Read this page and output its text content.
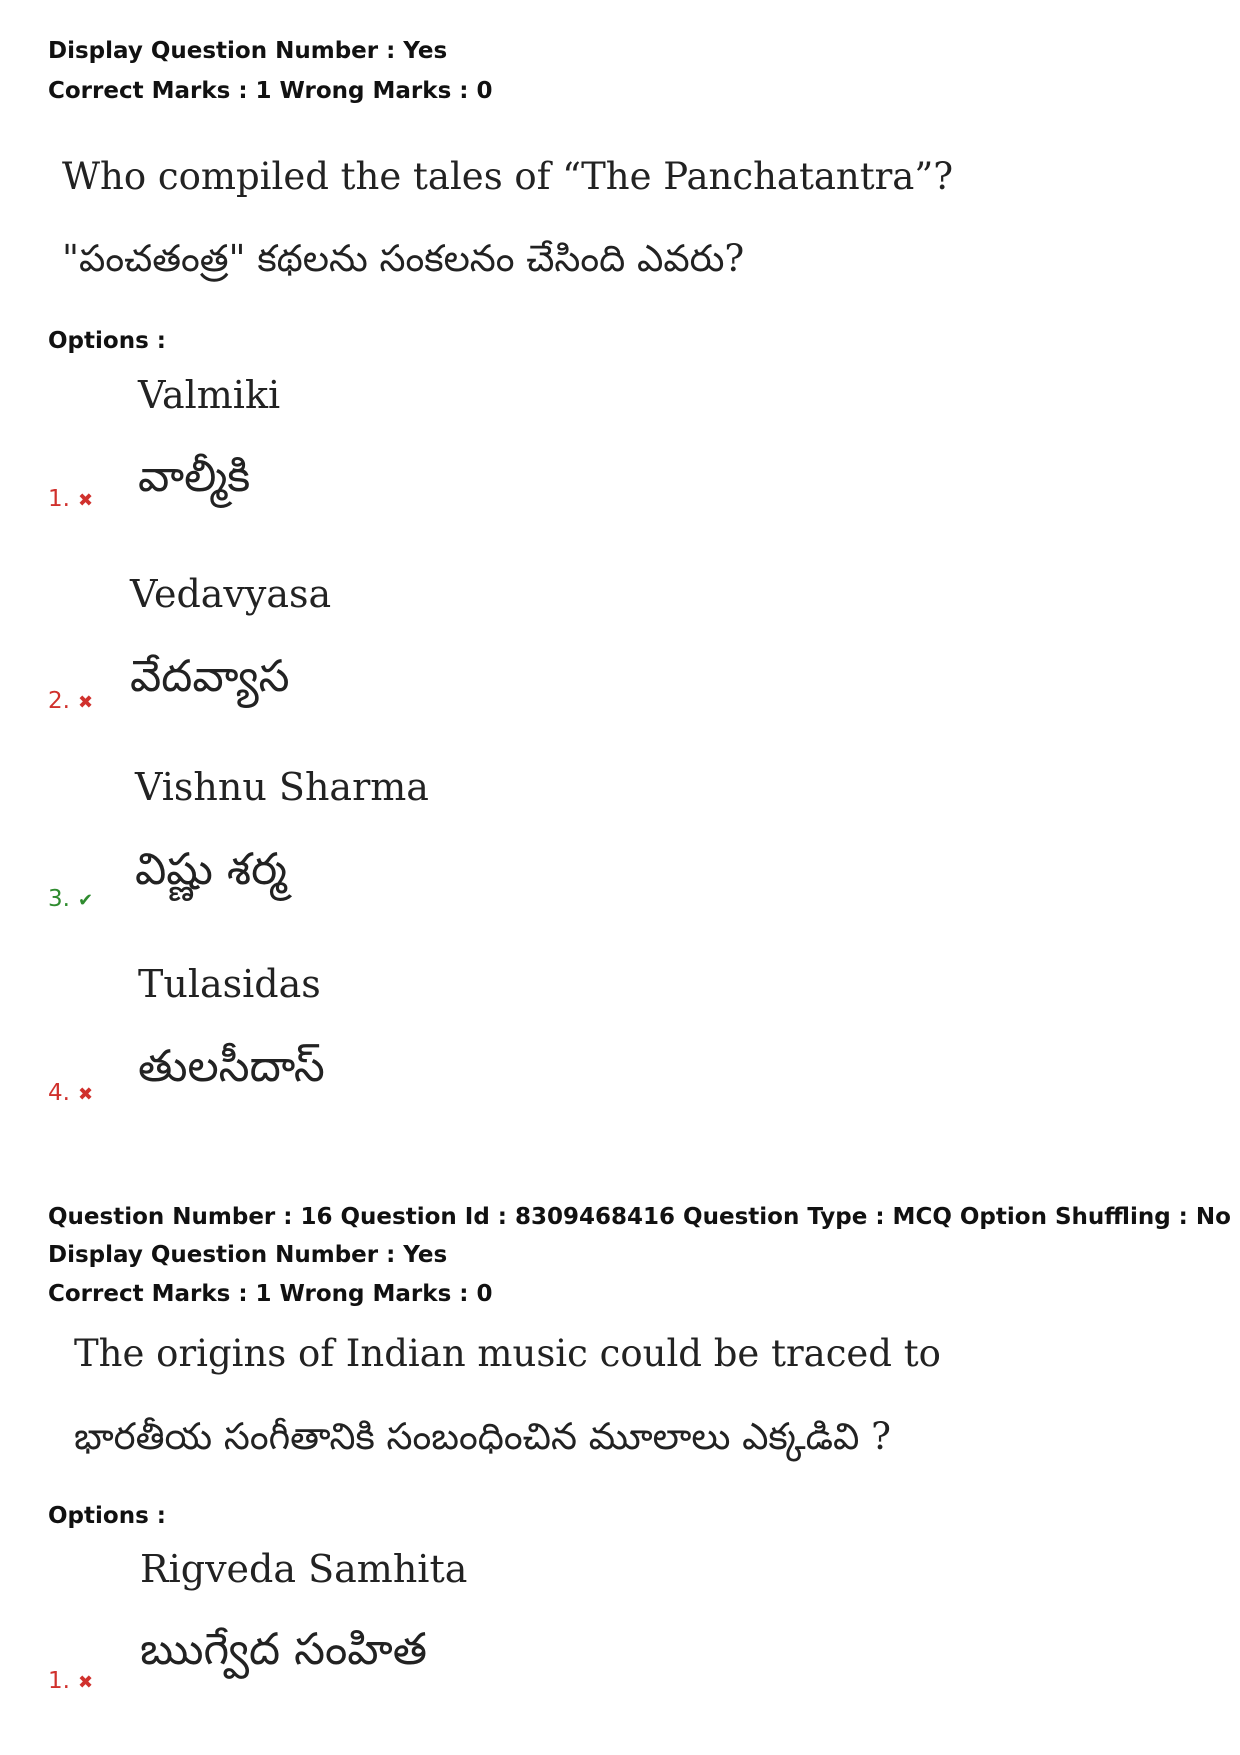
Display Question Number : Yes
Correct Marks : 1 Wrong Marks : 0
Who compiled the tales of “The Panchatantra”?
"పంచతంత్ర" కథలను సంకలనం చేసింది ఎవరు?
Options :
Valmiki
వాల్మీకి
1. ✖
Vedavyasa
వేదవ్యాస
2. ✖
Vishnu Sharma
విష్ణు శర్మ
3. ✔
Tulasidas
తులసీదాస్
4. ✖
Question Number : 16 Question Id : 8309468416 Question Type : MCQ Option Shuffling : No
Display Question Number : Yes
Correct Marks : 1 Wrong Marks : 0
The origins of Indian music could be traced to
భారతీయ సంగీతానికి సంబంధించిన మూలాలు ఎక్కడివి ?
Options :
Rigveda Samhita
ఋగ్వేద సంహిత
1. ✖
